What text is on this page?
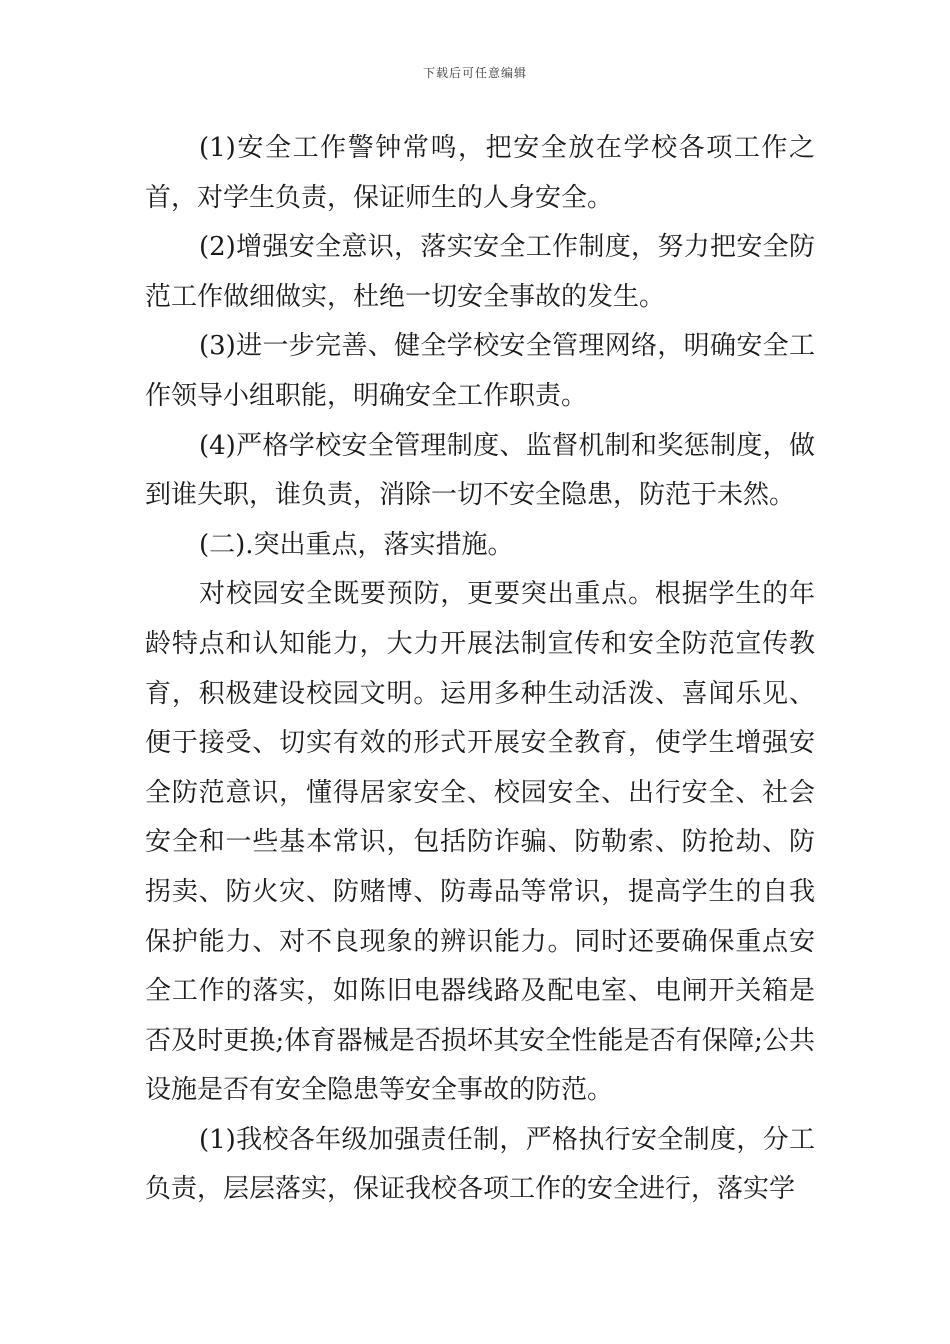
下载后可任意编辑

(1)安全工作警钟常鸣，把安全放在学校各项工作之首，对学生负责，保证师生的人身安全。

(2)增强安全意识，落实安全工作制度，努力把安全防范工作做细做实，杜绝一切安全事故的发生。

(3)进一步完善、健全学校安全管理网络，明确安全工作领导小组职能，明确安全工作职责。

(4)严格学校安全管理制度、监督机制和奖惩制度，做到谁失职，谁负责，消除一切不安全隐患，防范于未然。

(二).突出重点，落实措施。

对校园安全既要预防，更要突出重点。根据学生的年龄特点和认知能力，大力开展法制宣传和安全防范宣传教育，积极建设校园文明。运用多种生动活泼、喜闻乐见、便于接受、切实有效的形式开展安全教育，使学生增强安全防范意识，懂得居家安全、校园安全、出行安全、社会安全和一些基本常识，包括防诈骗、防勒索、防抢劫、防拐卖、防火灾、防赌博、防毒品等常识，提高学生的自我保护能力、对不良现象的辨识能力。同时还要确保重点安全工作的落实，如陈旧电器线路及配电室、电闸开关箱是否及时更换;体育器械是否损坏其安全性能是否有保障;公共设施是否有安全隐患等安全事故的防范。

(1)我校各年级加强责任制，严格执行安全制度，分工负责，层层落实，保证我校各项工作的安全进行，落实学
